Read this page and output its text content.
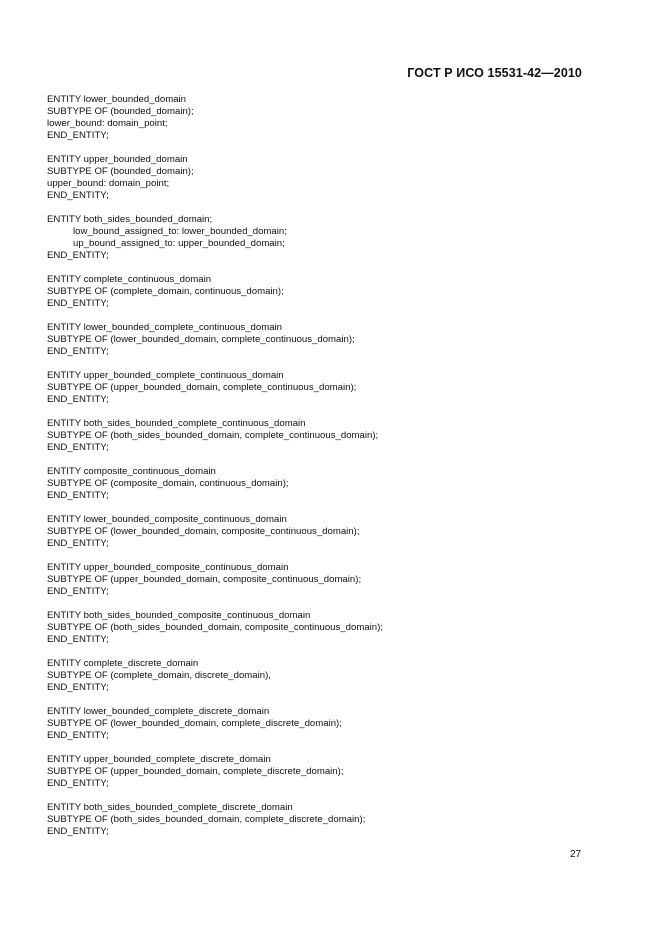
ГОСТ Р ИСО 15531-42—2010
ENTITY lower_bounded_domain
SUBTYPE OF (bounded_domain);
lower_bound: domain_point;
END_ENTITY;
ENTITY upper_bounded_domain
SUBTYPE OF (bounded_domain);
upper_bound: domain_point;
END_ENTITY;
ENTITY both_sides_bounded_domain;
low_bound_assigned_to: lower_bounded_domain;
up_bound_assigned_to: upper_bounded_domain;
END_ENTITY;
ENTITY complete_continuous_domain
SUBTYPE OF (complete_domain, continuous_domain);
END_ENTITY;
ENTITY lower_bounded_complete_continuous_domain
SUBTYPE OF (lower_bounded_domain, complete_continuous_domain);
END_ENTITY;
ENTITY upper_bounded_complete_continuous_domain
SUBTYPE OF (upper_bounded_domain, complete_continuous_domain);
END_ENTITY;
ENTITY both_sides_bounded_complete_continuous_domain
SUBTYPE OF (both_sides_bounded_domain, complete_continuous_domain);
END_ENTITY;
ENTITY composite_continuous_domain
SUBTYPE OF (composite_domain, continuous_domain);
END_ENTITY;
ENTITY lower_bounded_composite_continuous_domain
SUBTYPE OF (lower_bounded_domain, composite_continuous_domain);
END_ENTITY;
ENTITY upper_bounded_composite_continuous_domain
SUBTYPE OF (upper_bounded_domain, composite_continuous_domain);
END_ENTITY;
ENTITY both_sides_bounded_composite_continuous_domain
SUBTYPE OF (both_sides_bounded_domain, composite_continuous_domain);
END_ENTITY;
ENTITY complete_discrete_domain
SUBTYPE OF (complete_domain, discrete_domain),
END_ENTITY;
ENTITY lower_bounded_complete_discrete_domain
SUBTYPE OF (lower_bounded_domain, complete_discrete_domain);
END_ENTITY;
ENTITY upper_bounded_complete_discrete_domain
SUBTYPE OF (upper_bounded_domain, complete_discrete_domain);
END_ENTITY;
ENTITY both_sides_bounded_complete_discrete_domain
SUBTYPE OF (both_sides_bounded_domain, complete_discrete_domain);
END_ENTITY;
27
